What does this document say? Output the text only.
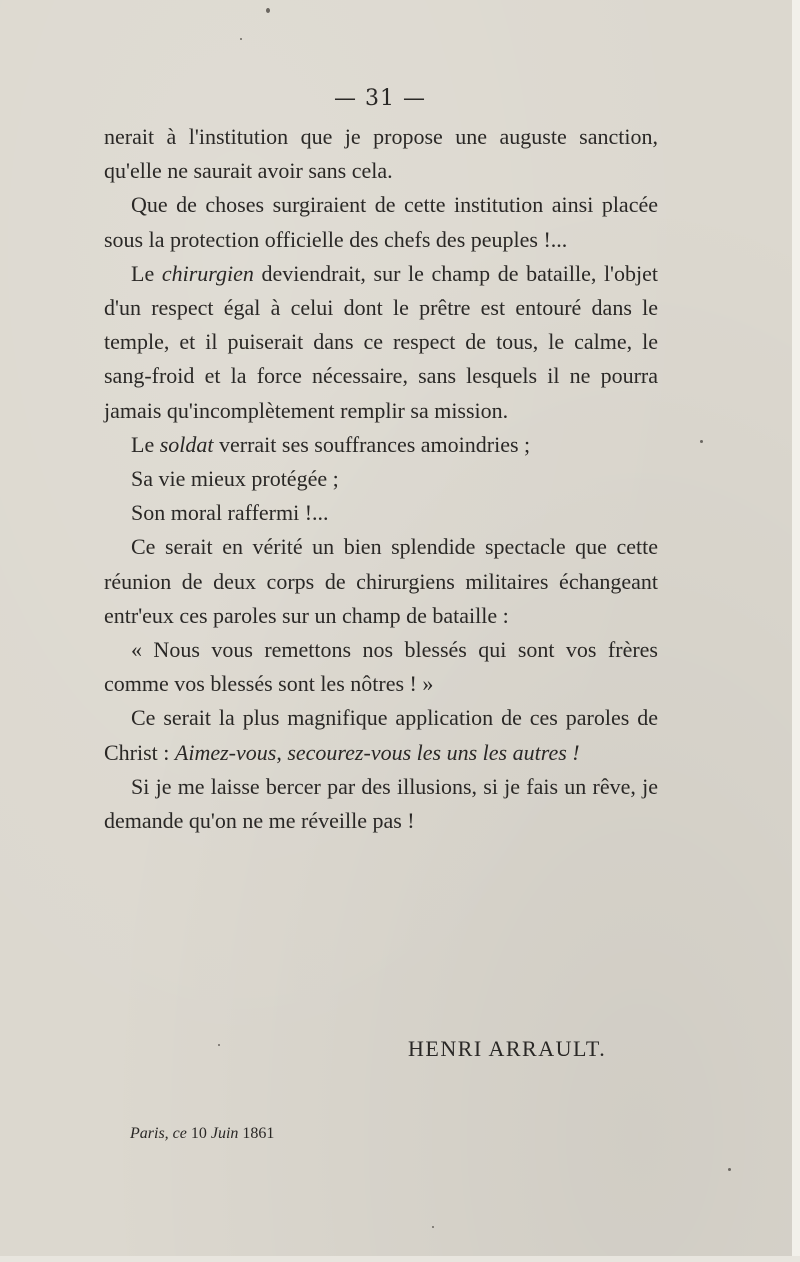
— 31 —

nerait à l'institution que je propose une auguste sanction, qu'elle ne saurait avoir sans cela.

Que de choses surgiraient de cette institution ainsi placée sous la protection officielle des chefs des peuples !...

Le chirurgien deviendrait, sur le champ de bataille, l'objet d'un respect égal à celui dont le prêtre est entouré dans le temple, et il puiserait dans ce respect de tous, le calme, le sang-froid et la force nécessaire, sans lesquels il ne pourra jamais qu'incomplètement remplir sa mission.

Le soldat verrait ses souffrances amoindries ;

Sa vie mieux protégée ;

Son moral raffermi !...

Ce serait en vérité un bien splendide spectacle que cette réunion de deux corps de chirurgiens militaires échangeant entr'eux ces paroles sur un champ de bataille :

« Nous vous remettons nos blessés qui sont vos frères comme vos blessés sont les nôtres ! »

Ce serait la plus magnifique application de ces paroles de Christ : Aimez-vous, secourez-vous les uns les autres !

Si je me laisse bercer par des illusions, si je fais un rêve, je demande qu'on ne me réveille pas !

HENRI ARRAULT.
Paris, ce 10 Juin 1861
